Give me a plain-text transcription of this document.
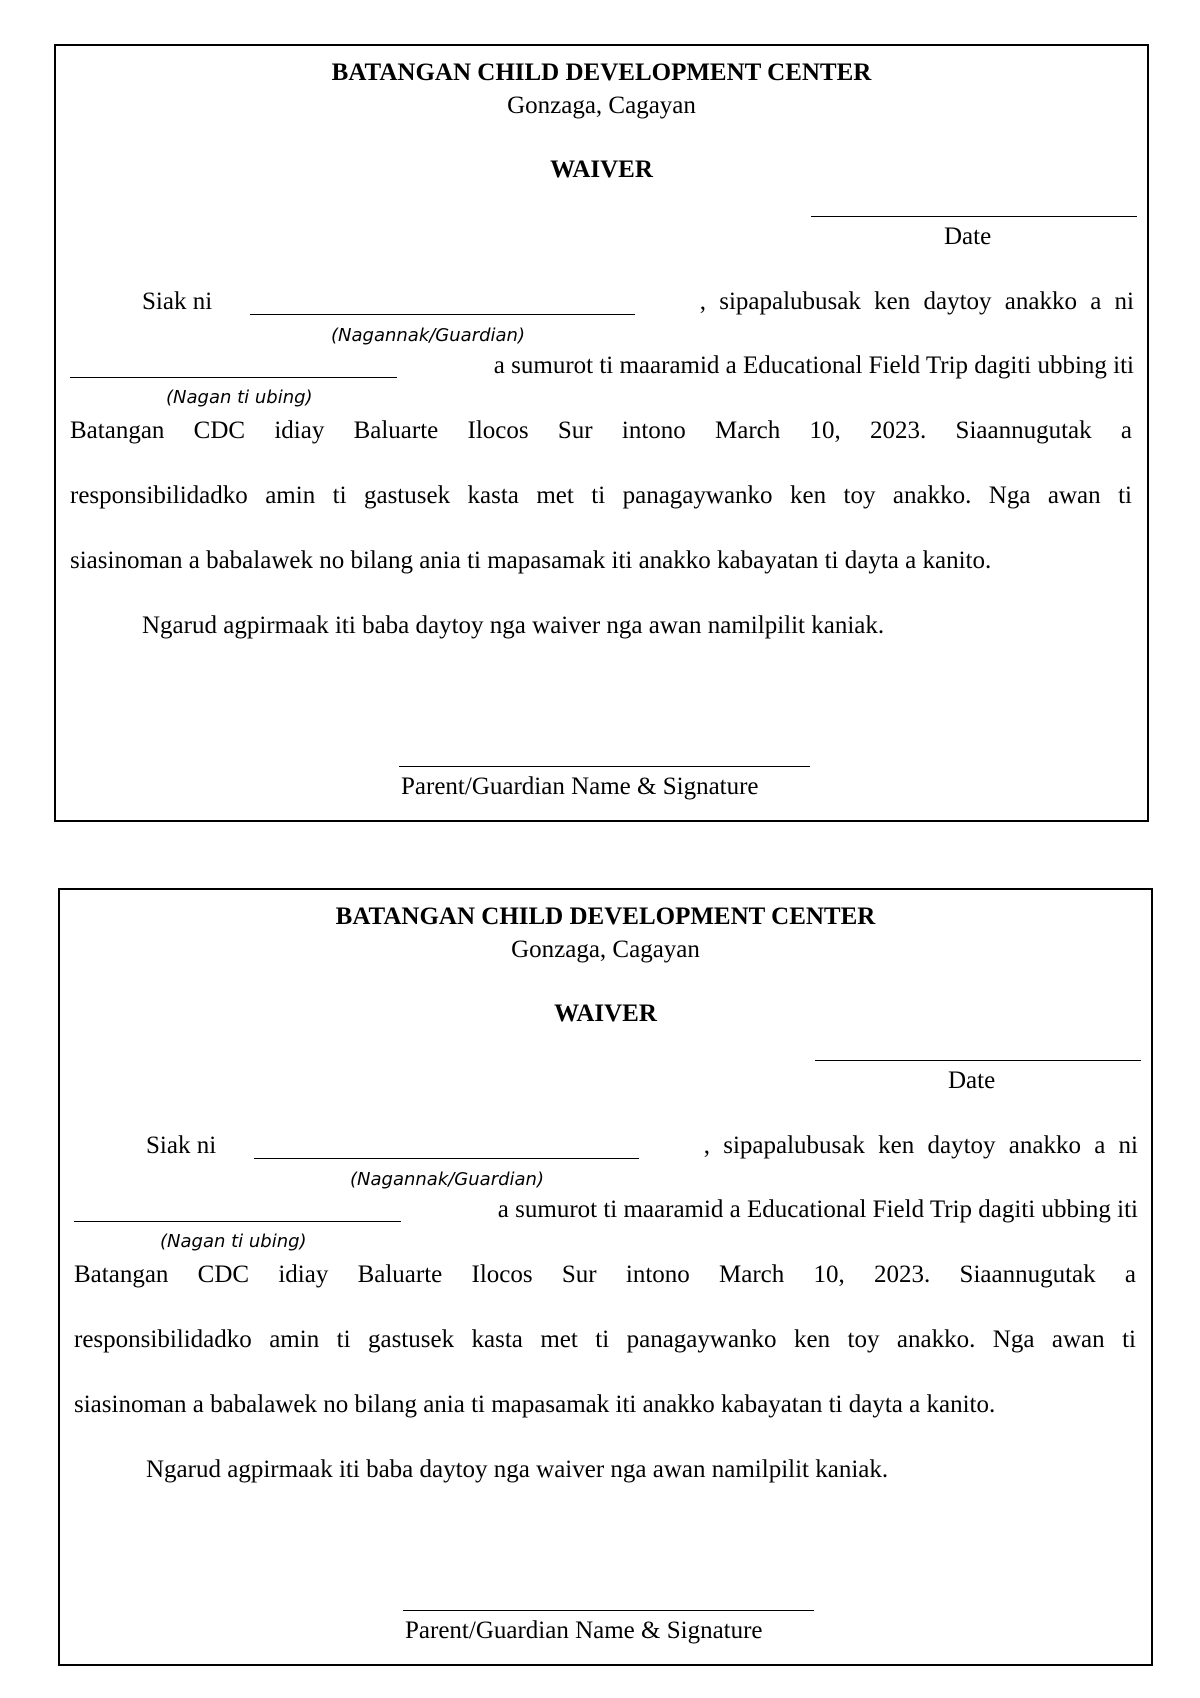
BATANGAN CHILD DEVELOPMENT CENTER
Gonzaga, Cagayan
WAIVER
Date
Siak ni	, sipapalubusak ken daytoy anakko a ni
(Nagannak/Guardian)
a sumurot ti maaramid a Educational Field Trip dagiti ubbing iti
(Nagan ti ubing)
Batangan CDC idiay Baluarte Ilocos Sur intono March 10, 2023. Siaannugutak a
responsibilidadko amin ti gastusek kasta met ti panagaywanko ken toy anakko. Nga awan ti
siasinoman a babalawek no bilang ania ti mapasamak iti anakko kabayatan ti dayta a kanito.
Ngarud agpirmaak iti baba daytoy nga waiver nga awan namilpilit kaniak.
Parent/Guardian Name & Signature
BATANGAN CHILD DEVELOPMENT CENTER
Gonzaga, Cagayan
WAIVER
Date
Siak ni	, sipapalubusak ken daytoy anakko a ni
(Nagannak/Guardian)
a sumurot ti maaramid a Educational Field Trip dagiti ubbing iti
(Nagan ti ubing)
Batangan CDC idiay Baluarte Ilocos Sur intono March 10, 2023. Siaannugutak a
responsibilidadko amin ti gastusek kasta met ti panagaywanko ken toy anakko. Nga awan ti
siasinoman a babalawek no bilang ania ti mapasamak iti anakko kabayatan ti dayta a kanito.
Ngarud agpirmaak iti baba daytoy nga waiver nga awan namilpilit kaniak.
Parent/Guardian Name & Signature
